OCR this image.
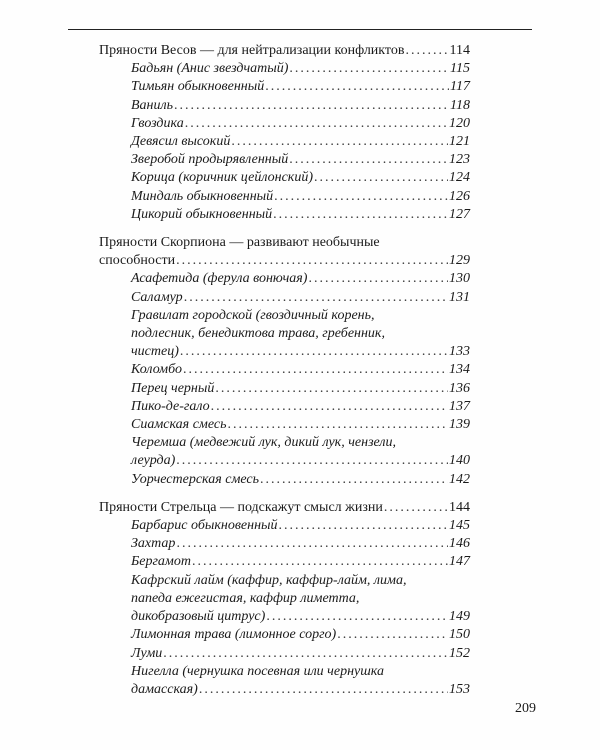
Пряности Весов — для нейтрализации конфликтов .....	114
Бадьян (Анис звездчатый) .....	115
Тимьян обыкновенный .....	117
Ваниль .....	118
Гвоздика .....	120
Девясил высокий .....	121
Зверобой продырявленный .....	123
Корица (коричник цейлонский) .....	124
Миндаль обыкновенный .....	126
Цикорий обыкновенный .....	127
Пряности Скорпиона — развивают необычные
способности .....	129
Асафетида (ферула вонючая) .....	130
Саламур .....	131
Гравилат городской (гвоздичный корень,
подлесник, бенедиктова трава, гребенник,
чистец) .....	133
Коломбо .....	134
Перец черный .....	136
Пико-де-гало .....	137
Сиамская смесь .....	139
Черемша (медвежий лук, дикий лук, чензели,
леурда) .....	140
Уорчестерская смесь .....	142
Пряности Стрельца — подскажут смысл жизни .....	144
Барбарис обыкновенный .....	145
Захтар .....	146
Бергамот .....	147
Кафрский лайм (каффир, каффир-лайм, лима,
папеда ежегистая, каффир лиметта,
дикобразовый цитрус) .....	149
Лимонная трава (лимонное сорго) .....	150
Луми .....	152
Нигелла (чернушка посевная или чернушка
дамасская) .....	153
209
